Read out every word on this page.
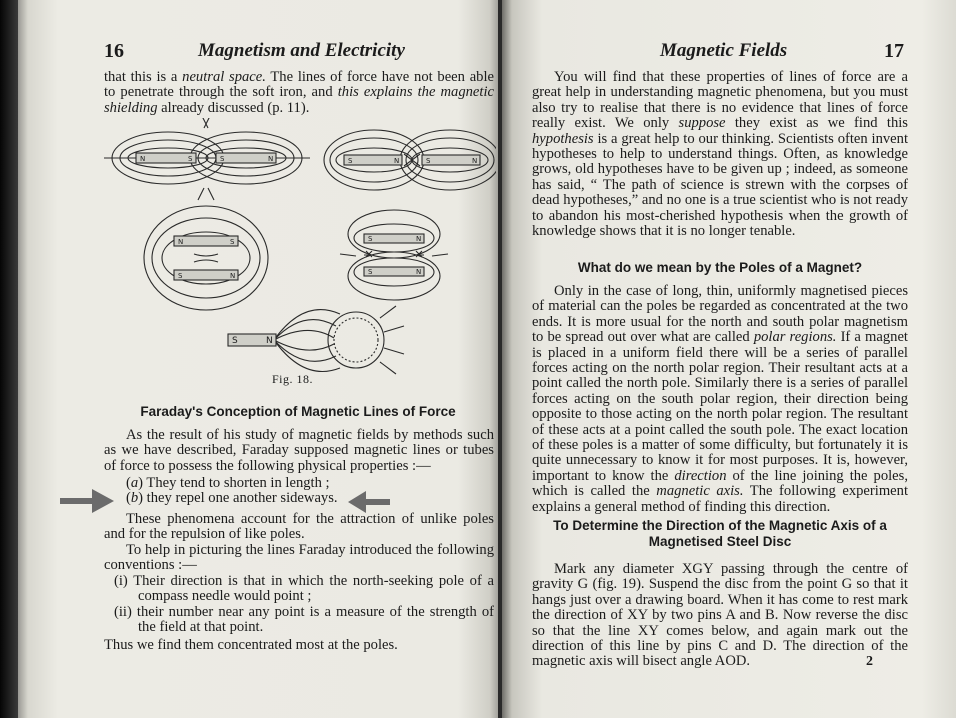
16	Magnetism and Electricity

that this is a neutral space. The lines of force have not been able to penetrate through the soft iron, and this explains the magnetic shielding already discussed (p. 11).

N	S	S	N	S	N	S	N
N	S
S	N
S	N
S	N
S	N
Fig. 18.
Faraday's Conception of Magnetic Lines of Force

As the result of his study of magnetic fields by methods such as we have described, Faraday supposed magnetic lines or tubes of force to possess the following physical properties :—

(a) They tend to shorten in length ;

(b) they repel one another sideways.

These phenomena account for the attraction of unlike poles and for the repulsion of like poles.

To help in picturing the lines Faraday introduced the following conventions :—

(i) Their direction is that in which the north-seeking pole of a compass needle would point ;

(ii) their number near any point is a measure of the strength of the field at that point.

Thus we find them concentrated most at the poles.

Magnetic Fields	17

You will find that these properties of lines of force are a great help in understanding magnetic phenomena, but you must also try to realise that there is no evidence that lines of force really exist. We only suppose they exist as we find this hypothesis is a great help to our thinking. Scientists often invent hypotheses to help to understand things. Often, as knowledge grows, old hypotheses have to be given up ; indeed, as someone has said, “ The path of science is strewn with the corpses of dead hypotheses,” and no one is a true scientist who is not ready to abandon his most-cherished hypothesis when the growth of knowledge shows that it is no longer tenable.

What do we mean by the Poles of a Magnet?

Only in the case of long, thin, uniformly magnetised pieces of material can the poles be regarded as concentrated at the two ends. It is more usual for the north and south polar magnetism to be spread out over what are called polar regions. If a magnet is placed in a uniform field there will be a series of parallel forces acting on the north polar region. Their resultant acts at a point called the north pole. Similarly there is a series of parallel forces acting on the south polar region, their direction being opposite to those acting on the north polar region. The resultant of these acts at a point called the south pole. The exact location of these poles is a matter of some difficulty, but fortunately it is quite unnecessary to know it for most purposes. It is, however, important to know the direction of the line joining the poles, which is called the magnetic axis. The following experiment explains a general method of finding this direction.

To Determine the Direction of the Magnetic Axis of a Magnetised Steel Disc

Mark any diameter XGY passing through the centre of gravity G (fig. 19). Suspend the disc from the point G so that it hangs just over a drawing board. When it has come to rest mark the direction of XY by two pins A and B. Now reverse the disc so that the line XY comes below, and again mark out the direction of this line by pins C and D. The direction of the magnetic axis will bisect angle AOD.	2
